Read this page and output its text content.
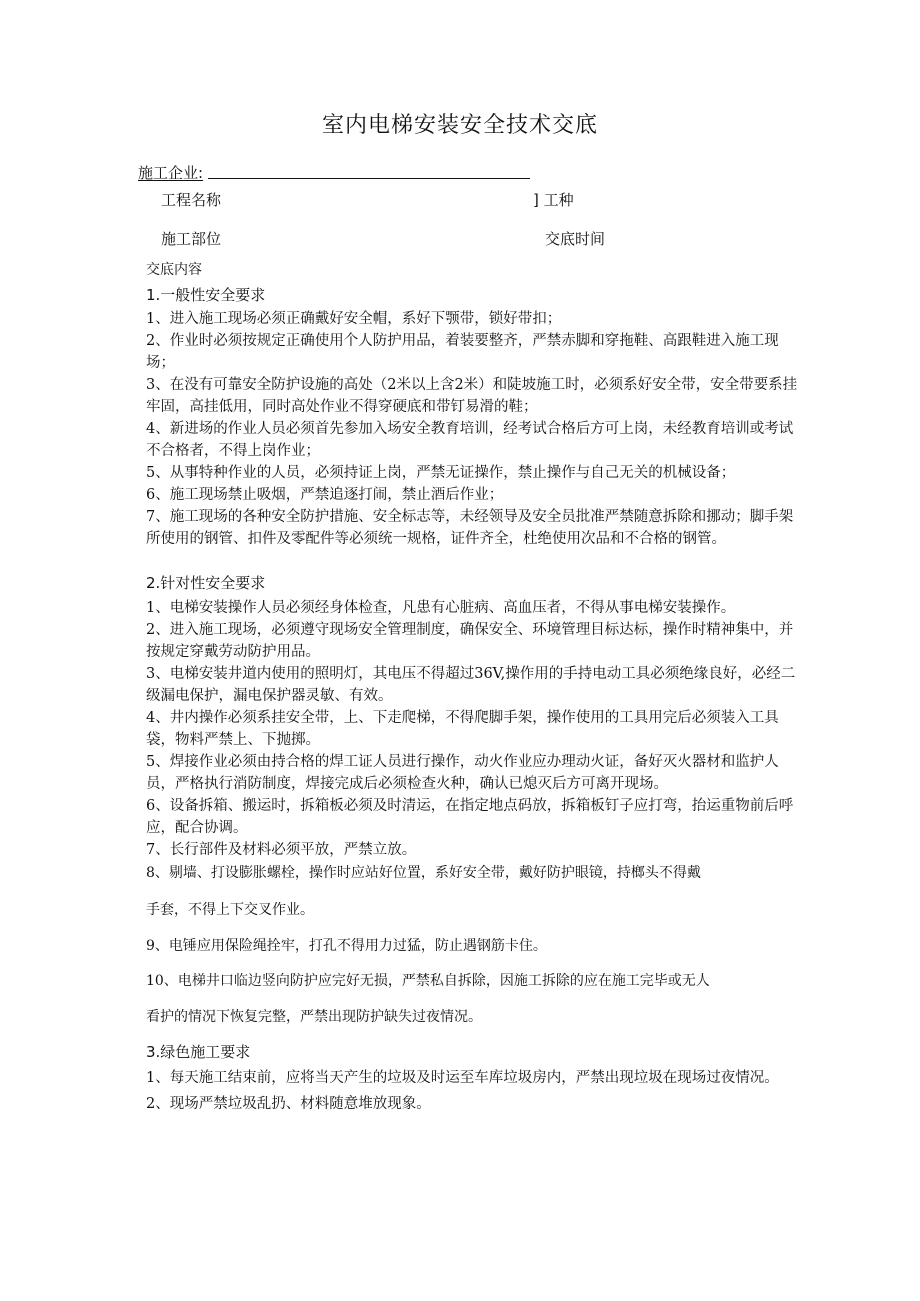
室内电梯安装安全技术交底
施工企业:
工程名称	] 工种
施工部位	交底时间
交底内容
1.一般性安全要求

1、进入施工现场必须正确戴好安全帽，系好下颚带，锁好带扣；

2、作业时必须按规定正确使用个人防护用品，着装要整齐，严禁赤脚和穿拖鞋、高跟鞋进入施工现场；

3、在没有可靠安全防护设施的高处（2米以上含2米）和陡坡施工时，必须系好安全带，安全带要系挂牢固，高挂低用，同时高处作业不得穿硬底和带钉易滑的鞋；

4、新进场的作业人员必须首先参加入场安全教育培训，经考试合格后方可上岗，未经教育培训或考试不合格者，不得上岗作业；

5、从事特种作业的人员，必须持证上岗，严禁无证操作，禁止操作与自己无关的机械设备；

6、施工现场禁止吸烟，严禁追逐打闹，禁止酒后作业；

7、施工现场的各种安全防护措施、安全标志等，未经领导及安全员批准严禁随意拆除和挪动；脚手架所使用的钢管、扣件及零配件等必须统一规格，证件齐全，杜绝使用次品和不合格的钢管。

2.针对性安全要求

1、电梯安装操作人员必须经身体检查，凡患有心脏病、高血压者，不得从事电梯安装操作。

2、进入施工现场，必须遵守现场安全管理制度，确保安全、环境管理目标达标，操作时精神集中，并按规定穿戴劳动防护用品。

3、电梯安装井道内使用的照明灯，其电压不得超过36V,操作用的手持电动工具必须绝缘良好，必经二级漏电保护，漏电保护器灵敏、有效。

4、井内操作必须系挂安全带，上、下走爬梯，不得爬脚手架，操作使用的工具用完后必须装入工具袋，物料严禁上、下抛掷。

5、焊接作业必须由持合格的焊工证人员进行操作，动火作业应办理动火证，备好灭火器材和监护人员，严格执行消防制度，焊接完成后必须检查火种，确认已熄灭后方可离开现场。

6、设备拆箱、搬运时，拆箱板必须及时清运，在指定地点码放，拆箱板钉子应打弯，抬运重物前后呼应，配合协调。

7、长行部件及材料必须平放，严禁立放。

8、剔墙、打设膨胀螺栓，操作时应站好位置，系好安全带，戴好防护眼镜，持榔头不得戴
手套，不得上下交叉作业。
9、电锤应用保险绳拴牢，打孔不得用力过猛，防止遇钢筋卡住。
10、电梯井口临边竖向防护应完好无损，严禁私自拆除，因施工拆除的应在施工完毕或无人
看护的情况下恢复完整，严禁出现防护缺失过夜情况。
3.绿色施工要求

1、每天施工结束前，应将当天产生的垃圾及时运至车库垃圾房内，严禁出现垃圾在现场过夜情况。

2、现场严禁垃圾乱扔、材料随意堆放现象。
